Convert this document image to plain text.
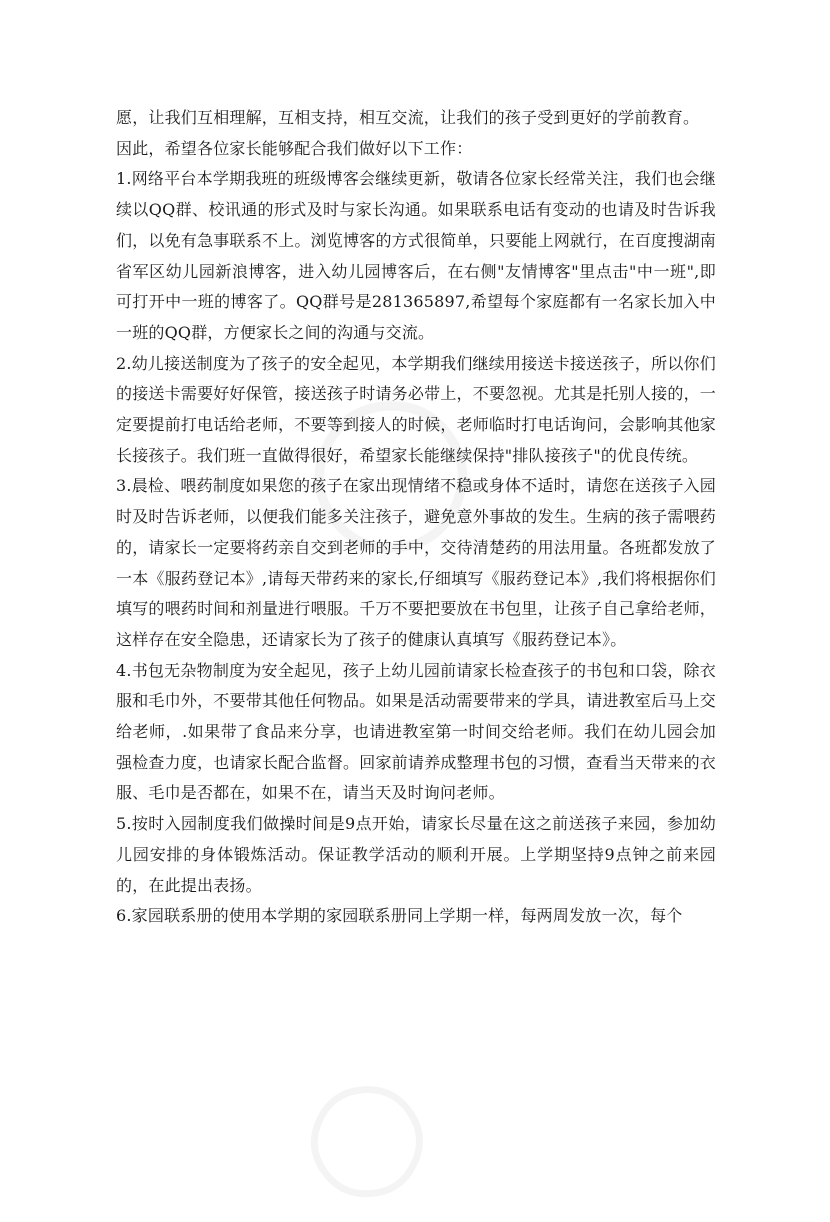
愿，让我们互相理解，互相支持，相互交流，让我们的孩子受到更好的学前教育。

因此，希望各位家长能够配合我们做好以下工作：

1.网络平台本学期我班的班级博客会继续更新，敬请各位家长经常关注，我们也会继续以QQ群、校讯通的形式及时与家长沟通。如果联系电话有变动的也请及时告诉我们，以免有急事联系不上。浏览博客的方式很简单，只要能上网就行，在百度搜湖南省军区幼儿园新浪博客，进入幼儿园博客后，在右侧"友情博客"里点击"中一班",即可打开中一班的博客了。QQ群号是281365897,希望每个家庭都有一名家长加入中一班的QQ群，方便家长之间的沟通与交流。

2.幼儿接送制度为了孩子的安全起见，本学期我们继续用接送卡接送孩子，所以你们的接送卡需要好好保管，接送孩子时请务必带上，不要忽视。尤其是托别人接的，一定要提前打电话给老师，不要等到接人的时候，老师临时打电话询问，会影响其他家长接孩子。我们班一直做得很好，希望家长能继续保持"排队接孩子"的优良传统。

3.晨检、喂药制度如果您的孩子在家出现情绪不稳或身体不适时，请您在送孩子入园时及时告诉老师，以便我们能多关注孩子，避免意外事故的发生。生病的孩子需喂药的，请家长一定要将药亲自交到老师的手中，交待清楚药的用法用量。各班都发放了一本《服药登记本》,请每天带药来的家长,仔细填写《服药登记本》,我们将根据你们填写的喂药时间和剂量进行喂服。千万不要把要放在书包里，让孩子自己拿给老师，这样存在安全隐患，还请家长为了孩子的健康认真填写《服药登记本》。

4.书包无杂物制度为安全起见，孩子上幼儿园前请家长检查孩子的书包和口袋，除衣服和毛巾外，不要带其他任何物品。如果是活动需要带来的学具，请进教室后马上交给老师，.如果带了食品来分享，也请进教室第一时间交给老师。我们在幼儿园会加强检查力度，也请家长配合监督。回家前请养成整理书包的习惯，查看当天带来的衣服、毛巾是否都在，如果不在，请当天及时询问老师。

5.按时入园制度我们做操时间是9点开始，请家长尽量在这之前送孩子来园，参加幼儿园安排的身体锻炼活动。保证教学活动的顺利开展。上学期坚持9点钟之前来园的，在此提出表扬。

6.家园联系册的使用本学期的家园联系册同上学期一样，每两周发放一次，每个
